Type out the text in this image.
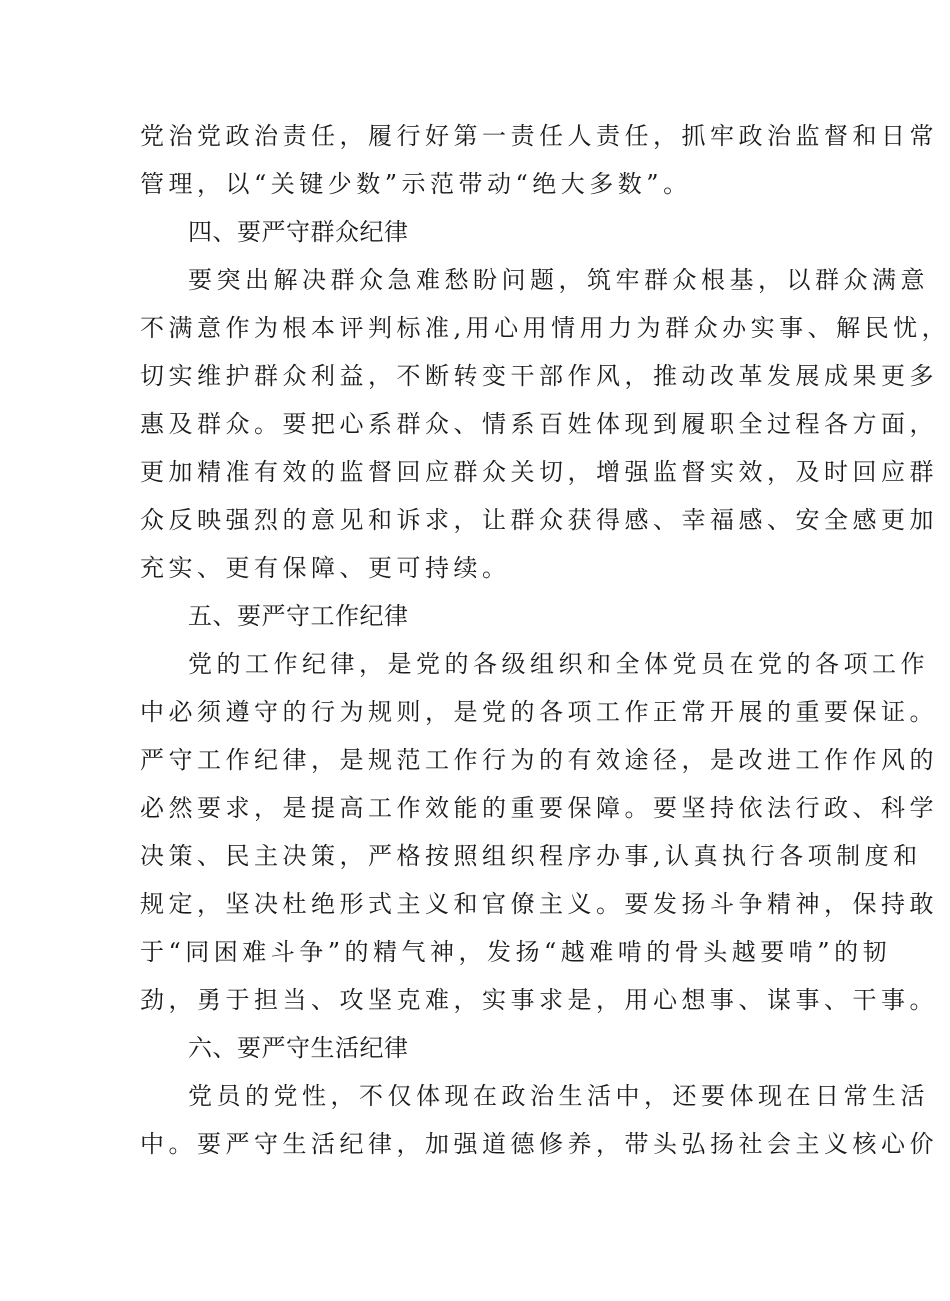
党治党政治责任，履行好第一责任人责任，抓牢政治监督和日常
管理，以“关键少数”示范带动“绝大多数”。
四、要严守群众纪律
要突出解决群众急难愁盼问题，筑牢群众根基，以群众满意
不满意作为根本评判标准,用心用情用力为群众办实事、解民忧，
切实维护群众利益，不断转变干部作风，推动改革发展成果更多
惠及群众。要把心系群众、情系百姓体现到履职全过程各方面，
更加精准有效的监督回应群众关切，增强监督实效，及时回应群
众反映强烈的意见和诉求，让群众获得感、幸福感、安全感更加
充实、更有保障、更可持续。
五、要严守工作纪律
党的工作纪律，是党的各级组织和全体党员在党的各项工作
中必须遵守的行为规则，是党的各项工作正常开展的重要保证。
严守工作纪律，是规范工作行为的有效途径，是改进工作作风的
必然要求，是提高工作效能的重要保障。要坚持依法行政、科学
决策、民主决策，严格按照组织程序办事,认真执行各项制度和
规定，坚决杜绝形式主义和官僚主义。要发扬斗争精神，保持敢
于“同困难斗争”的精气神，发扬“越难啃的骨头越要啃”的韧
劲，勇于担当、攻坚克难，实事求是，用心想事、谋事、干事。
六、要严守生活纪律
党员的党性，不仅体现在政治生活中，还要体现在日常生活
中。要严守生活纪律，加强道德修养，带头弘扬社会主义核心价
